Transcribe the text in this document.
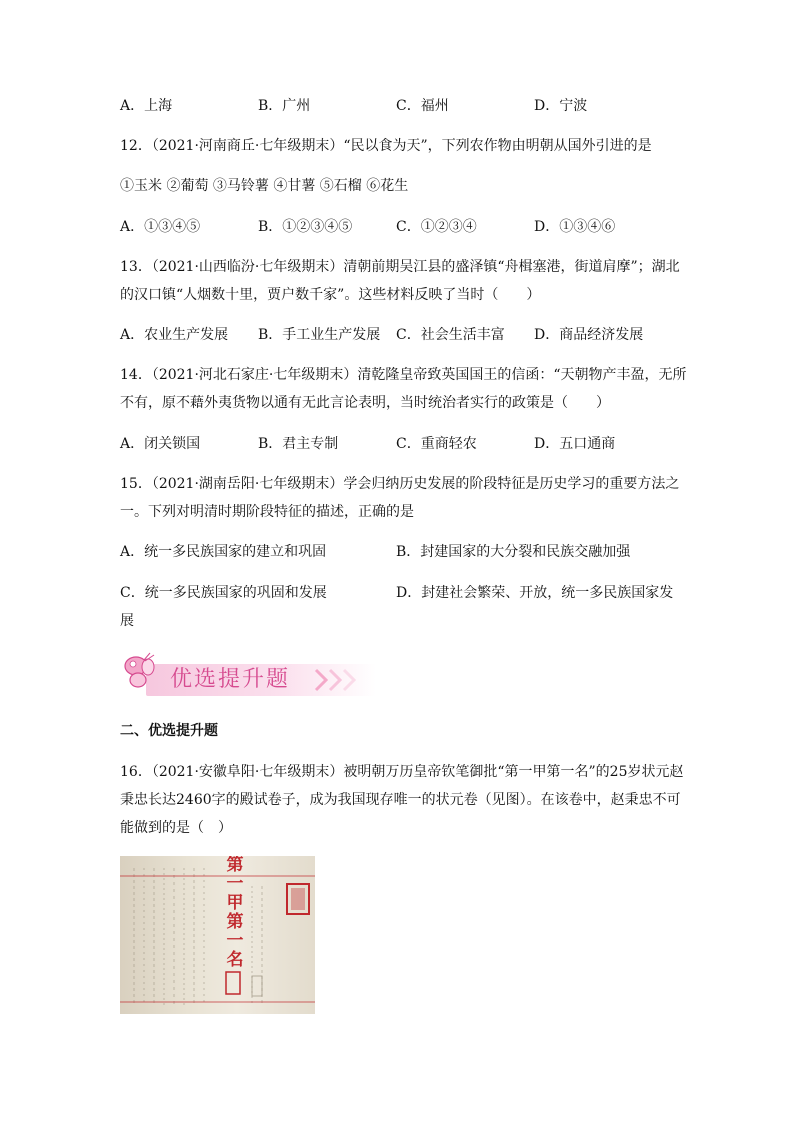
A．上海	B．广州	C．福州	D．宁波
12．（2021·河南商丘·七年级期末）“民以食为天”，下列农作物由明朝从国外引进的是
①玉米 ②葡萄 ③马铃薯 ④甘薯 ⑤石榴 ⑥花生
A．①③④⑤	B．①②③④⑤	C．①②③④	D．①③④⑥
13．（2021·山西临汾·七年级期末）清朝前期吴江县的盛泽镇“舟楫塞港，街道肩摩”；湖北
的汉口镇“人烟数十里，贾户数千家”。这些材料反映了当时（　　）
A．农业生产发展 B．手工业生产发展 C．社会生活丰富 D．商品经济发展
14．（2021·河北石家庄·七年级期末）清乾隆皇帝致英国国王的信函：“天朝物产丰盈，无所
不有，原不藉外夷货物以通有无此言论表明，当时统治者实行的政策是（　　）
A．闭关锁国	B．君主专制	C．重商轻农	D．五口通商
15．（2021·湖南岳阳·七年级期末）学会归纳历史发展的阶段特征是历史学习的重要方法之
一。下列对明清时期阶段特征的描述，正确的是
A．统一多民族国家的建立和巩固	B．封建国家的大分裂和民族交融加强
C．统一多民族国家的巩固和发展	D．封建社会繁荣、开放，统一多民族国家发
展
优选提升题
二、优选提升题
16．（2021·安徽阜阳·七年级期末）被明朝万历皇帝钦笔御批“第一甲第一名”的25岁状元赵
秉忠长达2460字的殿试卷子，成为我国现存唯一的状元卷（见图）。在该卷中，赵秉忠不可
能做到的是（　）
第
一
甲
第
一
名
